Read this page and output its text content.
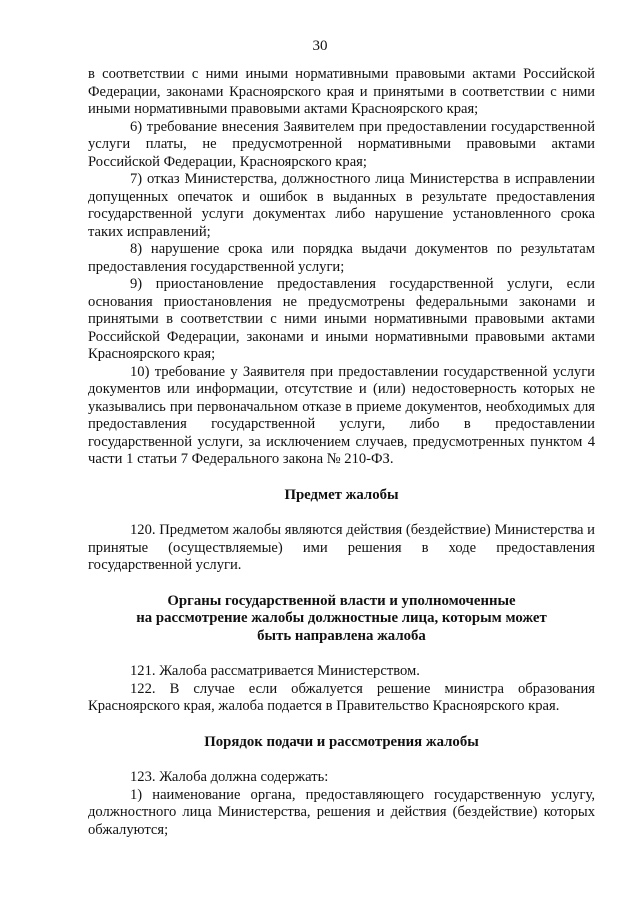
30

в соответствии с ними иными нормативными правовыми актами Российской Федерации, законами Красноярского края и принятыми в соответствии с ними иными нормативными правовыми актами Красноярского края;

6) требование внесения Заявителем при предоставлении государственной услуги платы, не предусмотренной нормативными правовыми актами Российской Федерации, Красноярского края;

7) отказ Министерства, должностного лица Министерства в исправлении допущенных опечаток и ошибок в выданных в результате предоставления государственной услуги документах либо нарушение установленного срока таких исправлений;

8) нарушение срока или порядка выдачи документов по результатам предоставления государственной услуги;

9) приостановление предоставления государственной услуги, если основания приостановления не предусмотрены федеральными законами и принятыми в соответствии с ними иными нормативными правовыми актами Российской Федерации, законами и иными нормативными правовыми актами Красноярского края;

10) требование у Заявителя при предоставлении государственной услуги документов или информации, отсутствие и (или) недостоверность которых не указывались при первоначальном отказе в приеме документов, необходимых для предоставления государственной услуги, либо в предоставлении государственной услуги, за исключением случаев, предусмотренных пунктом 4 части 1 статьи 7 Федерального закона № 210-ФЗ.

Предмет жалобы

120. Предметом жалобы являются действия (бездействие) Министерства и принятые (осуществляемые) ими решения в ходе предоставления государственной услуги.

Органы государственной власти и уполномоченные
на рассмотрение жалобы должностные лица, которым может
быть направлена жалоба

121. Жалоба рассматривается Министерством.

122. В случае если обжалуется решение министра образования Красноярского края, жалоба подается в Правительство Красноярского края.

Порядок подачи и рассмотрения жалобы

123. Жалоба должна содержать:

1) наименование органа, предоставляющего государственную услугу, должностного лица Министерства, решения и действия (бездействие) которых обжалуются;
